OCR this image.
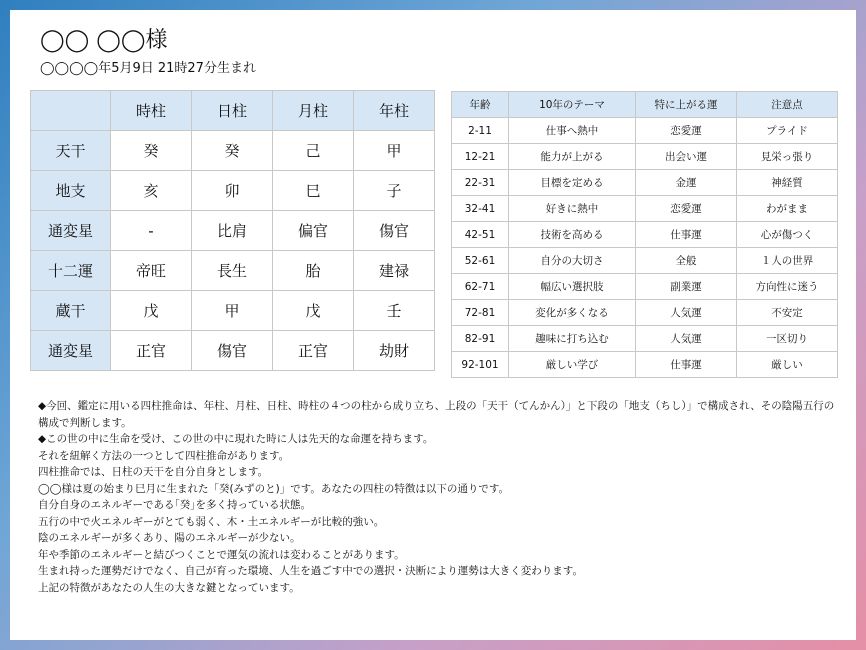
◯◯ ◯◯様
◯◯◯◯年5月9日 21時27分生まれ
	時柱	日柱	月柱	年柱
天干	癸	癸	己	甲
地支	亥	卯	巳	子
通変星	-	比肩	偏官	傷官
十二運	帝旺	長生	胎	建禄
蔵干	戊	甲	戊	壬
通変星	正官	傷官	正官	劫財
年齢	10年のテーマ	特に上がる運	注意点
2-11	仕事へ熱中	恋愛運	プライド
12-21	能力が上がる	出会い運	見栄っ張り
22-31	目標を定める	金運	神経質
32-41	好きに熱中	恋愛運	わがまま
42-51	技術を高める	仕事運	心が傷つく
52-61	自分の大切さ	全般	１人の世界
62-71	幅広い選択肢	副業運	方向性に迷う
72-81	変化が多くなる	人気運	不安定
82-91	趣味に打ち込む	人気運	一区切り
92-101	厳しい学び	仕事運	厳しい

◆今回、鑑定に用いる四柱推命は、年柱、月柱、日柱、時柱の４つの柱から成り立ち、上段の「天干（てんかん）」と下段の「地支（ちし）」で構成され、その陰陽五行の構成で判断します。

◆この世の中に生命を受け、この世の中に現れた時に人は先天的な命運を持ちます。

それを紐解く方法の一つとして四柱推命があります。

四柱推命では、日柱の天干を自分自身とします。

◯◯様は夏の始まり巳月に生まれた「癸(みずのと)」です。あなたの四柱の特徴は以下の通りです。

自分自身のエネルギーである｢癸｣を多く持っている状態。

五行の中で火エネルギーがとても弱く、木・土エネルギーが比較的強い。

陰のエネルギーが多くあり、陽のエネルギーが少ない。

年や季節のエネルギーと結びつくことで運気の流れは変わることがあります。

生まれ持った運勢だけでなく、自己が育った環境、人生を過ごす中での選択・決断により運勢は大きく変わります。

上記の特徴があなたの人生の大きな鍵となっています。
